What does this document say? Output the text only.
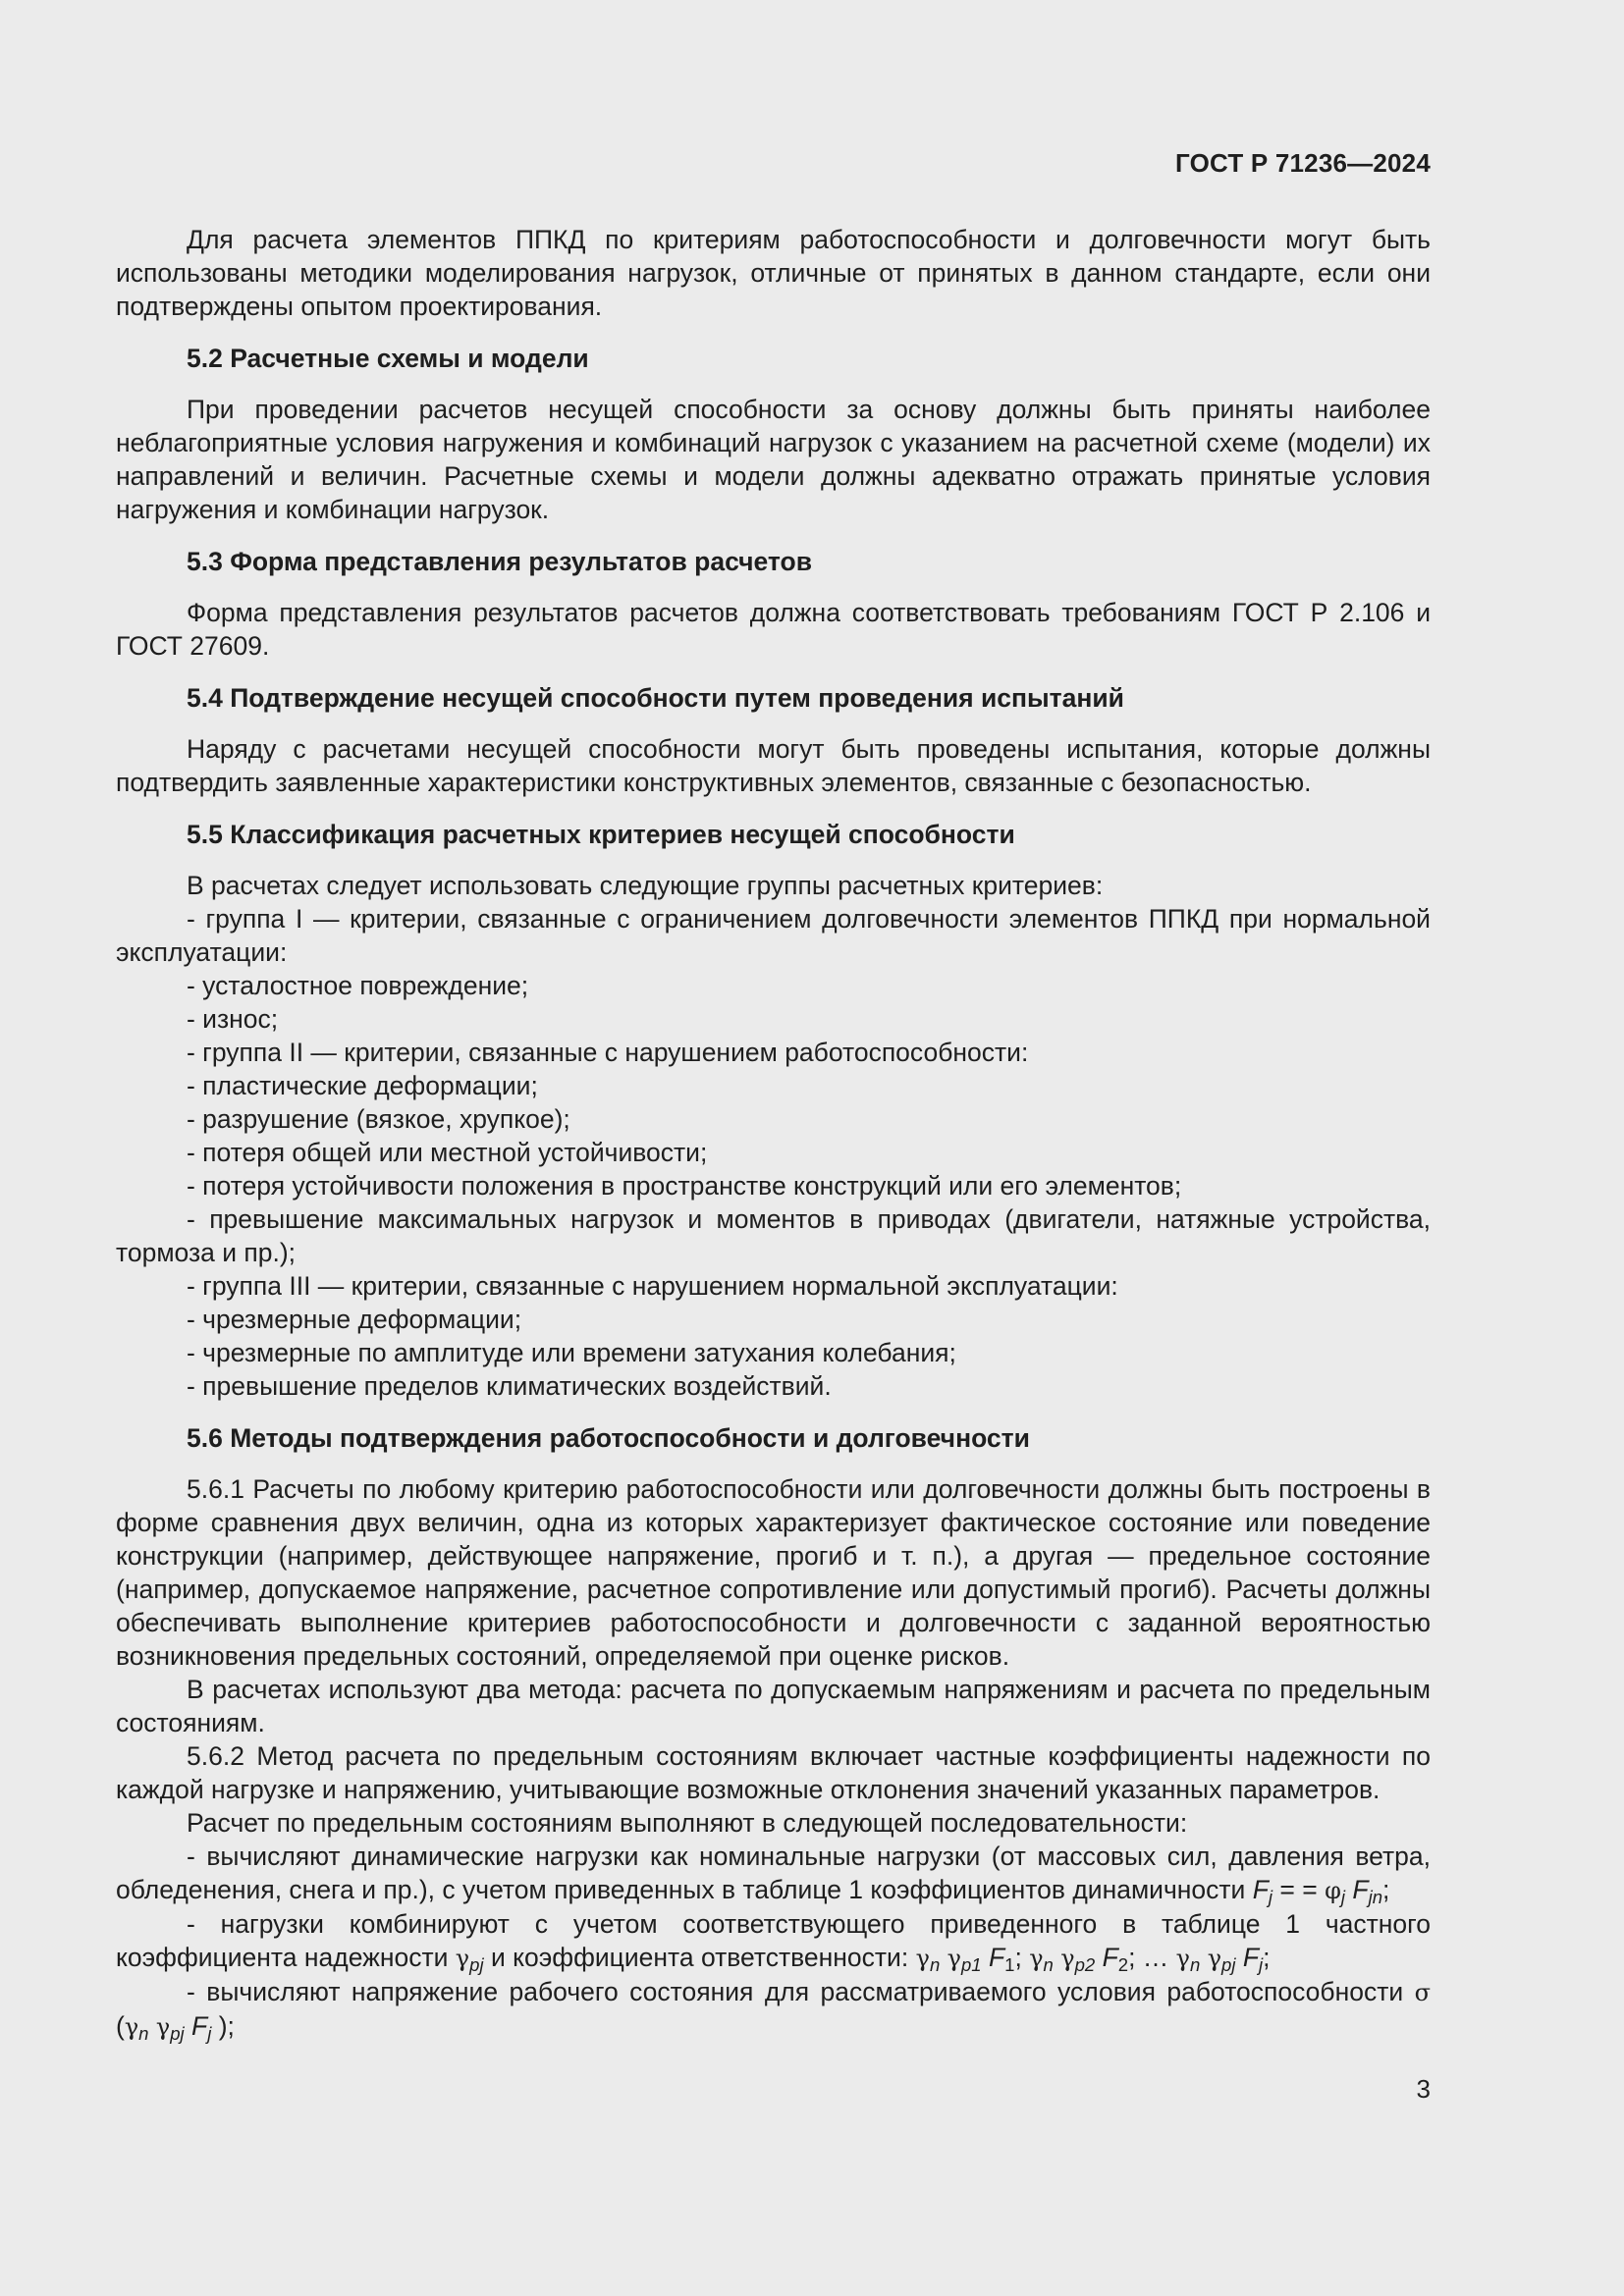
ГОСТ Р 71236—2024

Для расчета элементов ППКД по критериям работоспособности и долговечности могут быть использованы методики моделирования нагрузок, отличные от принятых в данном стандарте, если они подтверждены опытом проектирования.

5.2 Расчетные схемы и модели

При проведении расчетов несущей способности за основу должны быть приняты наиболее неблагоприятные условия нагружения и комбинаций нагрузок с указанием на расчетной схеме (модели) их направлений и величин. Расчетные схемы и модели должны адекватно отражать принятые условия нагружения и комбинации нагрузок.

5.3 Форма представления результатов расчетов

Форма представления результатов расчетов должна соответствовать требованиям ГОСТ Р 2.106 и ГОСТ 27609.

5.4 Подтверждение несущей способности путем проведения испытаний

Наряду с расчетами несущей способности могут быть проведены испытания, которые должны подтвердить заявленные характеристики конструктивных элементов, связанные с безопасностью.

5.5 Классификация расчетных критериев несущей способности

В расчетах следует использовать следующие группы расчетных критериев:

- группа I — критерии, связанные с ограничением долговечности элементов ППКД при нормальной эксплуатации:

- усталостное повреждение;

- износ;

- группа II — критерии, связанные с нарушением работоспособности:

- пластические деформации;

- разрушение (вязкое, хрупкое);

- потеря общей или местной устойчивости;

- потеря устойчивости положения в пространстве конструкций или его элементов;

- превышение максимальных нагрузок и моментов в приводах (двигатели, натяжные устройства, тормоза и пр.);

- группа III — критерии, связанные с нарушением нормальной эксплуатации:

- чрезмерные деформации;

- чрезмерные по амплитуде или времени затухания колебания;

- превышение пределов климатических воздействий.

5.6 Методы подтверждения работоспособности и долговечности

5.6.1 Расчеты по любому критерию работоспособности или долговечности должны быть построены в форме сравнения двух величин, одна из которых характеризует фактическое состояние или поведение конструкции (например, действующее напряжение, прогиб и т. п.), а другая — предельное состояние (например, допускаемое напряжение, расчетное сопротивление или допустимый прогиб). Расчеты должны обеспечивать выполнение критериев работоспособности и долговечности с заданной вероятностью возникновения предельных состояний, определяемой при оценке рисков.

В расчетах используют два метода: расчета по допускаемым напряжениям и расчета по предельным состояниям.

5.6.2 Метод расчета по предельным состояниям включает частные коэффициенты надежности по каждой нагрузке и напряжению, учитывающие возможные отклонения значений указанных параметров.

Расчет по предельным состояниям выполняют в следующей последовательности:

- вычисляют динамические нагрузки как номинальные нагрузки (от массовых сил, давления ветра, обледенения, снега и пр.), с учетом приведенных в таблице 1 коэффициентов динамичности $F_j$ = = $\varphi_j$ $F_{jn}$;

- нагрузки комбинируют с учетом соответствующего приведенного в таблице 1 частного коэффициента надежности $\gamma_{pj}$ и коэффициента ответственности: $\gamma_n$ $\gamma_{p1}$ $F_1$; $\gamma_n$ $\gamma_{p2}$ $F_2$; … $\gamma_n$ $\gamma_{pj}$ $F_j$;

- вычисляют напряжение рабочего состояния для рассматриваемого условия работоспособности σ ($\gamma_n$ $\gamma_{pj}$ $F_j$ );

3
